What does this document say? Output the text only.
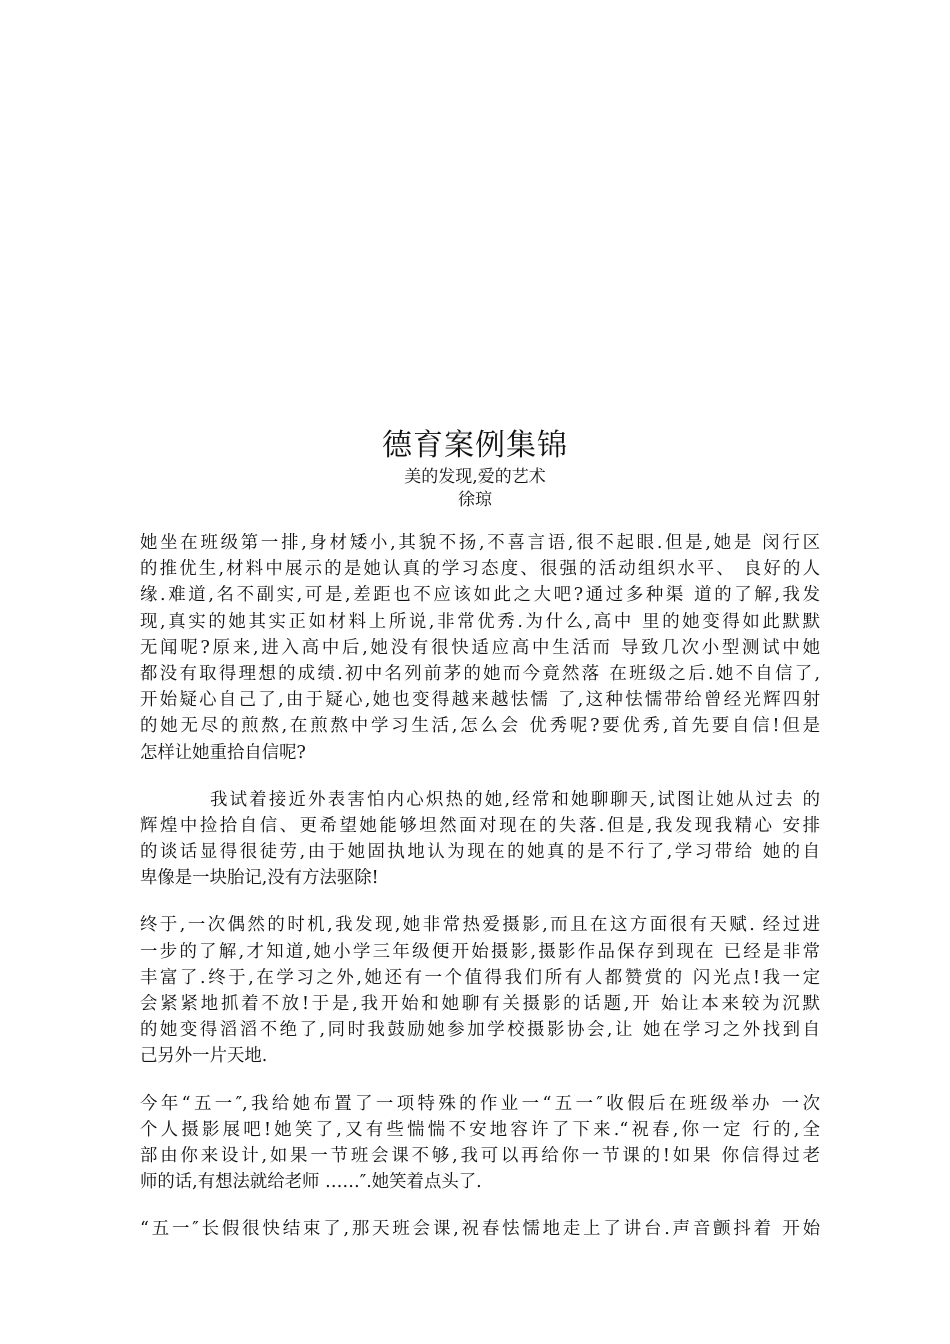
德育案例集锦
美的发现,爱的艺术
徐琼
她坐在班级第一排,身材矮小,其貌不扬,不喜言语,很不起眼.但是,她是 闵行区
的推优生,材料中展示的是她认真的学习态度、很强的活动组织水平、 良好的人
缘.难道,名不副实,可是,差距也不应该如此之大吧?通过多种渠 道的了解,我发
现,真实的她其实正如材料上所说,非常优秀.为什么,高中 里的她变得如此默默
无闻呢?原来,进入高中后,她没有很快适应高中生活而 导致几次小型测试中她
都没有取得理想的成绩.初中名列前茅的她而今竟然落 在班级之后.她不自信了,
开始疑心自己了,由于疑心,她也变得越来越怯懦 了,这种怯懦带给曾经光辉四射
的她无尽的煎熬,在煎熬中学习生活,怎么会 优秀呢?要优秀,首先要自信!但是
怎样让她重拾自信呢?
我试着接近外表害怕内心炽热的她,经常和她聊聊天,试图让她从过去 的
辉煌中捡拾自信、更希望她能够坦然面对现在的失落.但是,我发现我精心 安排
的谈话显得很徒劳,由于她固执地认为现在的她真的是不行了,学习带给 她的自
卑像是一块胎记,没有方法驱除!
终于,一次偶然的时机,我发现,她非常热爱摄影,而且在这方面很有天赋. 经过进
一步的了解,才知道,她小学三年级便开始摄影,摄影作品保存到现在 已经是非常
丰富了.终于,在学习之外,她还有一个值得我们所有人都赞赏的 闪光点!我一定
会紧紧地抓着不放!于是,我开始和她聊有关摄影的话题,开 始让本来较为沉默
的她变得滔滔不绝了,同时我鼓励她参加学校摄影协会,让 她在学习之外找到自
己另外一片天地.
今年“五一″,我给她布置了一项特殊的作业一“五一″收假后在班级举办 一次
个人摄影展吧!她笑了,又有些惴惴不安地容许了下来.“祝春,你一定 行的,全
部由你来设计,如果一节班会课不够,我可以再给你一节课的!如果 你信得过老
师的话,有想法就给老师 ……″.她笑着点头了.
“五一″长假很快结束了,那天班会课,祝春怯懦地走上了讲台.声音颤抖着 开始
